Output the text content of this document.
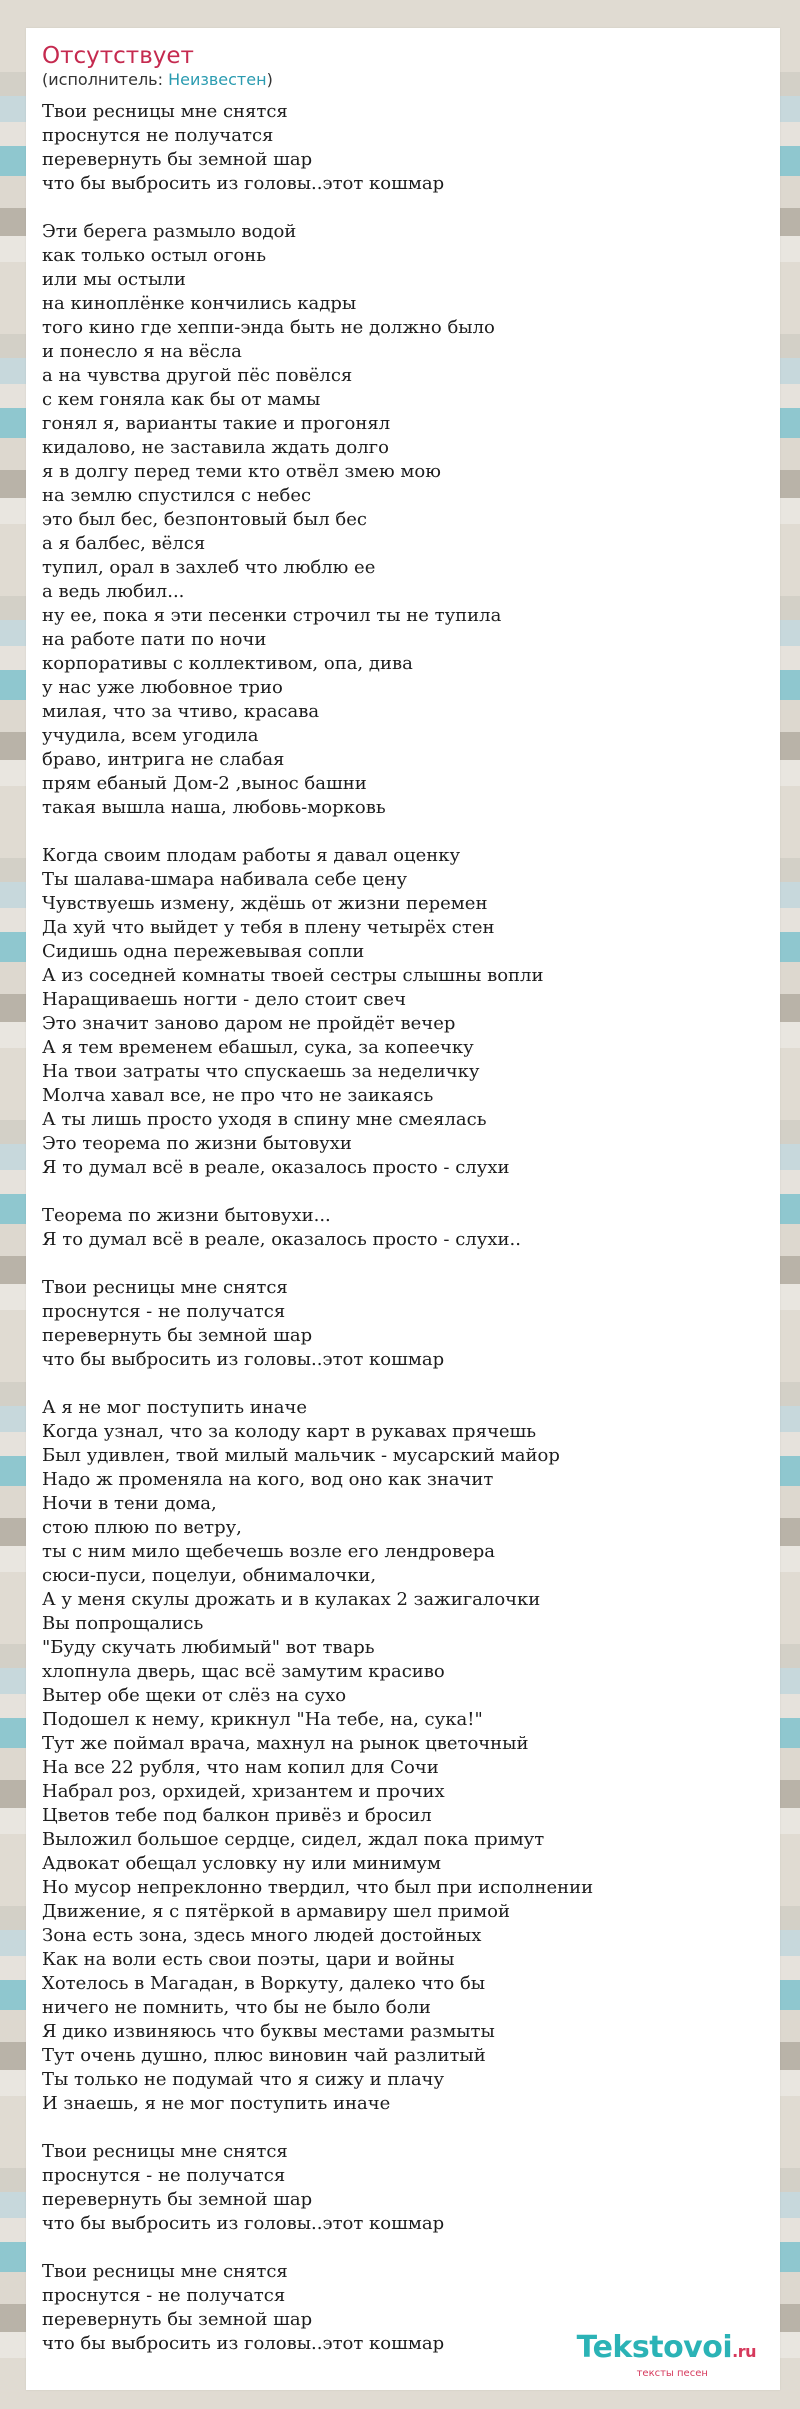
Отсутствует
(исполнитель: Неизвестен)
Твои ресницы мне снятся
проснутся не получатся
перевернуть бы земной шар
что бы выбросить из головы..этот кошмар
Эти берега размыло водой
как только остыл огонь
или мы остыли
на киноплёнке кончились кадры
того кино где хеппи-энда быть не должно было
и понесло я на вёсла
а на чувства другой пёс повёлся
с кем гоняла как бы от мамы
гонял я, варианты такие и прогонял
кидалово, не заставила ждать долго
я в долгу перед теми кто отвёл змею мою
на землю спустился с небес
это был бес, безпонтовый был бес
а я балбес, вёлся
тупил, орал в захлеб что люблю ее
а ведь любил...
ну ее, пока я эти песенки строчил ты не тупила
на работе пати по ночи
корпоративы с коллективом, опа, дива
у нас уже любовное трио
милая, что за чтиво, красава
учудила, всем угодила
браво, интрига не слабая
прям ебаный Дом-2 ,вынос башни
такая вышла наша, любовь-морковь
Когда своим плодам работы я давал оценку
Ты шалава-шмара набивала себе цену
Чувствуешь измену, ждёшь от жизни перемен
Да хуй что выйдет у тебя в плену четырёх стен
Сидишь одна пережевывая сопли
А из соседней комнаты твоей сестры слышны вопли
Наращиваешь ногти - дело стоит свеч
Это значит заново даром не пройдёт вечер
А я тем временем ебашыл, сука, за копеечку
На твои затраты что спускаешь за неделичку
Молча хавал все, не про что не заикаясь
А ты лишь просто уходя в спину мне смеялась
Это теорема по жизни бытовухи
Я то думал всё в реале, оказалось просто - слухи
Теорема по жизни бытовухи...
Я то думал всё в реале, оказалось просто - слухи..
Твои ресницы мне снятся
проснутся - не получатся
перевернуть бы земной шар
что бы выбросить из головы..этот кошмар
А я не мог поступить иначе
Когда узнал, что за колоду карт в рукавах прячешь
Был удивлен, твой милый мальчик - мусарский майор
Надо ж променяла на кого, вод оно как значит
Ночи в тени дома,
стою плюю по ветру,
ты с ним мило щебечешь возле его лендровера
сюси-пуси, поцелуи, обнималочки,
А у меня скулы дрожать и в кулаках 2 зажигалочки
Вы попрощались
"Буду скучать любимый" вот тварь
хлопнула дверь, щас всё замутим красиво
Вытер обе щеки от слёз на сухо
Подошел к нему, крикнул "На тебе, на, сука!"
Тут же поймал врача, махнул на рынок цветочный
На все 22 рубля, что нам копил для Сочи
Набрал роз, орхидей, хризантем и прочих
Цветов тебе под балкон привёз и бросил
Выложил большое сердце, сидел, ждал пока примут
Адвокат обещал условку ну или минимум
Но мусор непреклонно твердил, что был при исполнении
Движение, я с пятёркой в армавиру шел примой
Зона есть зона, здесь много людей достойных
Как на воли есть свои поэты, цари и войны
Хотелось в Магадан, в Воркуту, далеко что бы
ничего не помнить, что бы не было боли
Я дико извиняюсь что буквы местами размыты
Тут очень душно, плюс виновин чай разлитый
Ты только не подумай что я сижу и плачу
И знаешь, я не мог поступить иначе
Твои ресницы мне снятся
проснутся - не получатся
перевернуть бы земной шар
что бы выбросить из головы..этот кошмар
Твои ресницы мне снятся
проснутся - не получатся
перевернуть бы земной шар
что бы выбросить из головы..этот кошмар	Tekstovoi.ru
тексты песен
